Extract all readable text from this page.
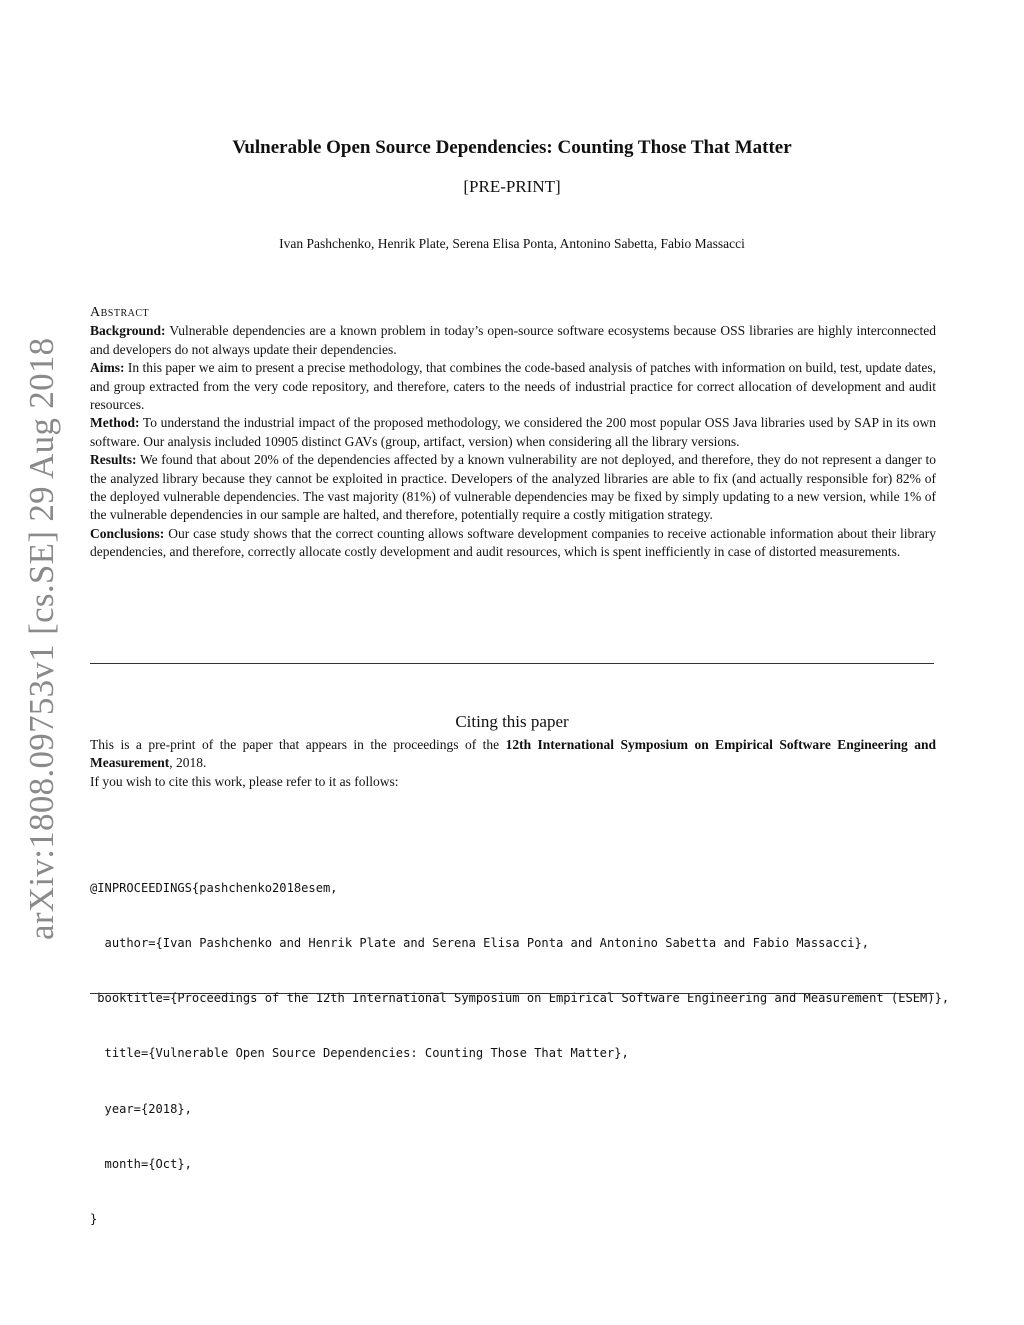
arXiv:1808.09753v1 [cs.SE] 29 Aug 2018
Vulnerable Open Source Dependencies: Counting Those That Matter
[PRE-PRINT]
Ivan Pashchenko, Henrik Plate, Serena Elisa Ponta, Antonino Sabetta, Fabio Massacci
Abstract

Background: Vulnerable dependencies are a known problem in today’s open-source software ecosystems because OSS libraries are highly interconnected and developers do not always update their dependencies.

Aims: In this paper we aim to present a precise methodology, that combines the code-based analysis of patches with information on build, test, update dates, and group extracted from the very code repository, and therefore, caters to the needs of industrial practice for correct allocation of development and audit resources.

Method: To understand the industrial impact of the proposed methodology, we considered the 200 most popular OSS Java libraries used by SAP in its own software. Our analysis included 10905 distinct GAVs (group, artifact, version) when considering all the library versions.

Results: We found that about 20% of the dependencies affected by a known vulnerability are not deployed, and therefore, they do not represent a danger to the analyzed library because they cannot be exploited in practice. Developers of the analyzed libraries are able to fix (and actually responsible for) 82% of the deployed vulnerable dependencies. The vast majority (81%) of vulnerable dependencies may be fixed by simply updating to a new version, while 1% of the vulnerable dependencies in our sample are halted, and therefore, potentially require a costly mitigation strategy.

Conclusions: Our case study shows that the correct counting allows software development companies to receive actionable information about their library dependencies, and therefore, correctly allocate costly development and audit resources, which is spent inefficiently in case of distorted measurements.

Citing this paper

This is a pre-print of the paper that appears in the proceedings of the 12th International Symposium on Empirical Software Engineering and Measurement, 2018.

If you wish to cite this work, please refer to it as follows:

@INPROCEEDINGS{pashchenko2018esem,

author={Ivan Pashchenko and Henrik Plate and Serena Elisa Ponta and Antonino Sabetta and Fabio Massacci},

booktitle={Proceedings of the 12th International Symposium on Empirical Software Engineering and Measurement (ESEM)},

title={Vulnerable Open Source Dependencies: Counting Those That Matter},

year={2018},

month={Oct},

}
